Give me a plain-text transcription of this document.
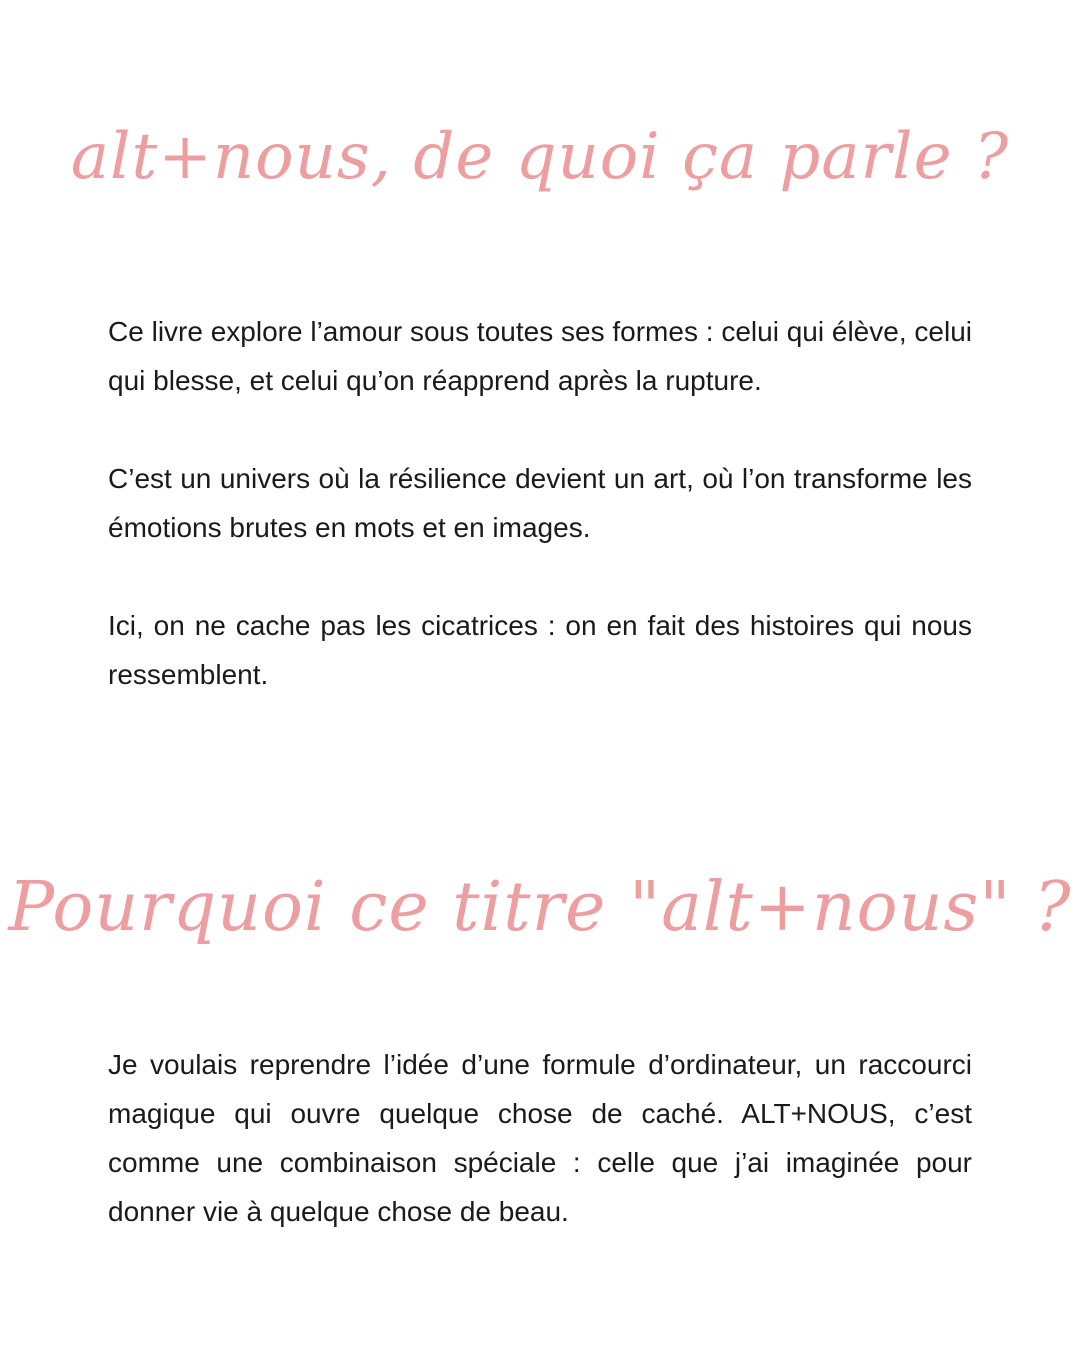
alt+nous, de quoi ça parle ?

Ce livre explore l’amour sous toutes ses formes : celui qui élève, celui qui blesse, et celui qu’on réapprend après la rupture.

C’est un univers où la résilience devient un art, où l’on transforme les émotions brutes en mots et en images.

Ici, on ne cache pas les cicatrices : on en fait des histoires qui nous ressemblent.

Pourquoi ce titre "alt+nous" ?

Je voulais reprendre l’idée d’une formule d’ordinateur, un raccourci magique qui ouvre quelque chose de caché. ALT+NOUS, c’est comme une combinaison spéciale : celle que j’ai imaginée pour donner vie à quelque chose de beau.
